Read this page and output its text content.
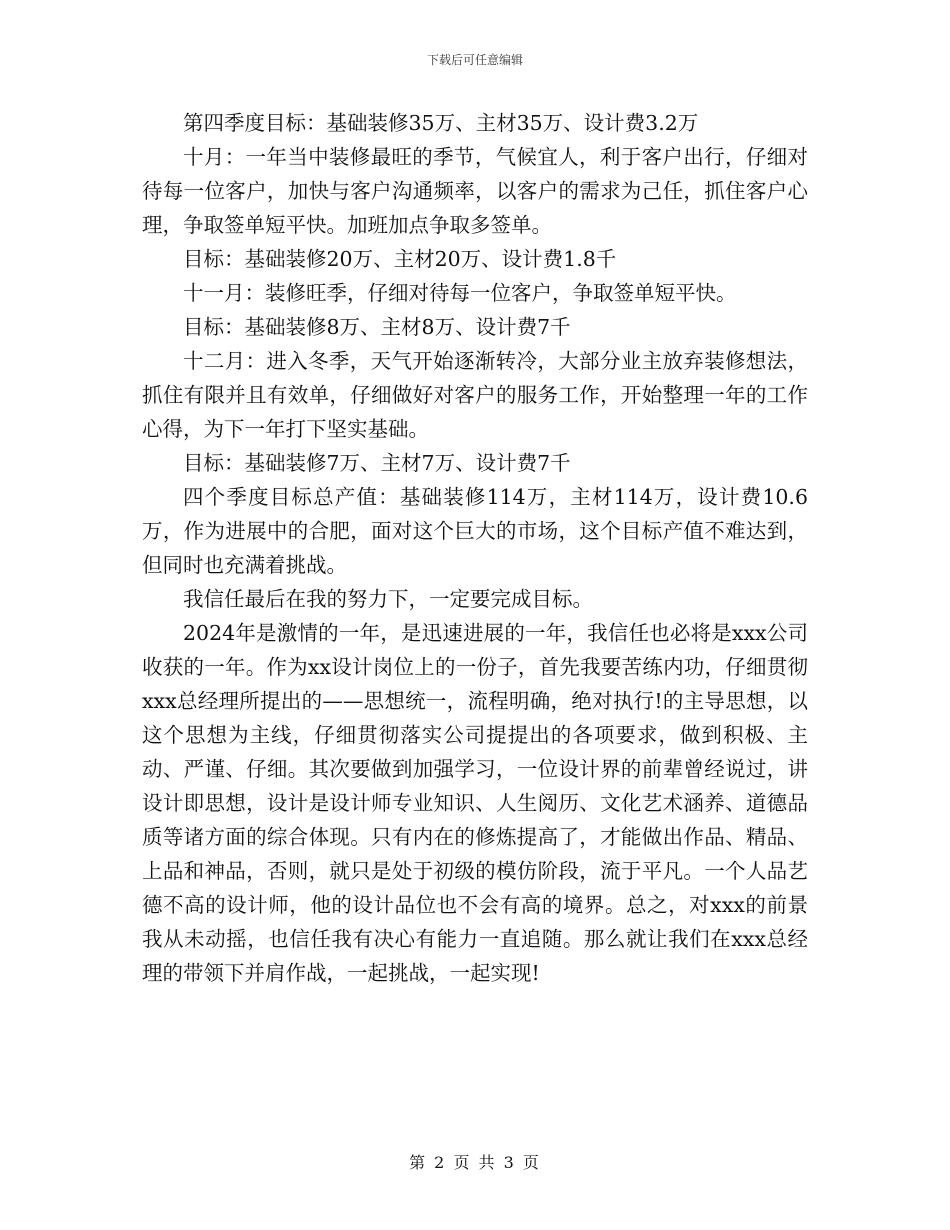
下载后可任意编辑

第四季度目标：基础装修35万、主材35万、设计费3.2万

十月：一年当中装修最旺的季节，气候宜人，利于客户出行，仔细对待每一位客户，加快与客户沟通频率，以客户的需求为己任，抓住客户心理，争取签单短平快。加班加点争取多签单。

目标：基础装修20万、主材20万、设计费1.8千

十一月：装修旺季，仔细对待每一位客户，争取签单短平快。

目标：基础装修8万、主材8万、设计费7千

十二月：进入冬季，天气开始逐渐转冷，大部分业主放弃装修想法，抓住有限并且有效单，仔细做好对客户的服务工作，开始整理一年的工作心得，为下一年打下坚实基础。

目标：基础装修7万、主材7万、设计费7千

四个季度目标总产值：基础装修114万，主材114万，设计费10.6万，作为进展中的合肥，面对这个巨大的市场，这个目标产值不难达到，但同时也充满着挑战。

我信任最后在我的努力下，一定要完成目标。

2024年是激情的一年，是迅速进展的一年，我信任也必将是xxx公司收获的一年。作为xx设计岗位上的一份子，首先我要苦练内功，仔细贯彻xxx总经理所提出的——思想统一，流程明确，绝对执行!的主导思想，以这个思想为主线，仔细贯彻落实公司提提出的各项要求，做到积极、主动、严谨、仔细。其次要做到加强学习，一位设计界的前辈曾经说过，讲设计即思想，设计是设计师专业知识、人生阅历、文化艺术涵养、道德品质等诸方面的综合体现。只有内在的修炼提高了，才能做出作品、精品、上品和神品，否则，就只是处于初级的模仿阶段，流于平凡。一个人品艺德不高的设计师，他的设计品位也不会有高的境界。总之，对xxx的前景我从未动摇，也信任我有决心有能力一直追随。那么就让我们在xxx总经理的带领下并肩作战，一起挑战，一起实现!

第 2 页 共 3 页
